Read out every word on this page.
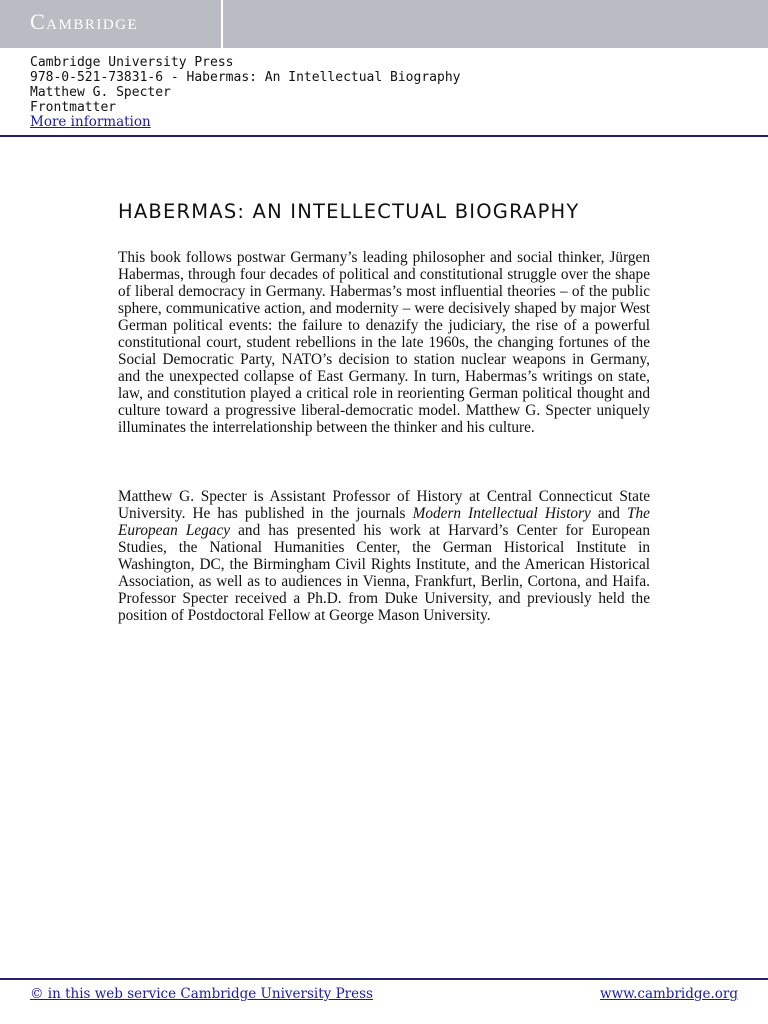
Cambridge
Cambridge University Press
978-0-521-73831-6 - Habermas: An Intellectual Biography
Matthew G. Specter
Frontmatter
More information
HABERMAS: AN INTELLECTUAL BIOGRAPHY

This book follows postwar Germany’s leading philosopher and social thinker, Jürgen Habermas, through four decades of political and constitutional struggle over the shape of liberal democracy in Germany. Habermas’s most influential theories – of the public sphere, communicative action, and modernity – were decisively shaped by major West German political events: the failure to denazify the judiciary, the rise of a powerful constitutional court, student rebellions in the late 1960s, the changing fortunes of the Social Democratic Party, NATO’s decision to station nuclear weapons in Germany, and the unexpected collapse of East Germany. In turn, Habermas’s writings on state, law, and constitution played a critical role in reorienting German political thought and culture toward a progressive liberal-democratic model. Matthew G. Specter uniquely illuminates the interrelationship between the thinker and his culture.

Matthew G. Specter is Assistant Professor of History at Central Connecticut State University. He has published in the journals Modern Intellectual History and The European Legacy and has presented his work at Harvard’s Center for European Studies, the National Humanities Center, the German Historical Institute in Washington, DC, the Birmingham Civil Rights Institute, and the American Historical Association, as well as to audiences in Vienna, Frankfurt, Berlin, Cortona, and Haifa. Professor Specter received a Ph.D. from Duke University, and previously held the position of Postdoctoral Fellow at George Mason University.

© in this web service Cambridge University Press	www.cambridge.org
